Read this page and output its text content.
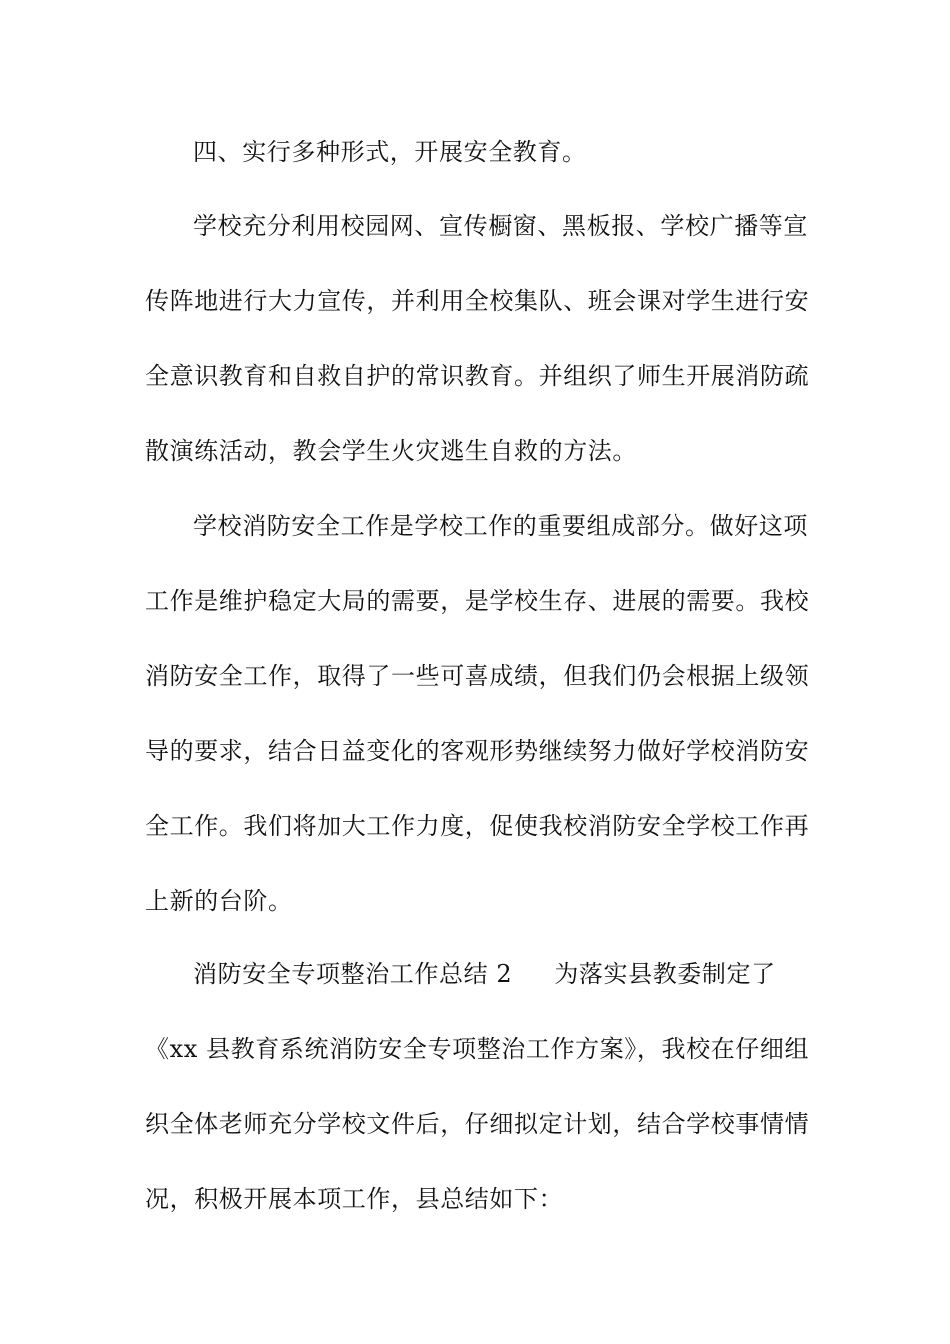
四、实行多种形式，开展安全教育。
学校充分利用校园网、宣传橱窗、黑板报、学校广播等宣
传阵地进行大力宣传，并利用全校集队、班会课对学生进行安
全意识教育和自救自护的常识教育。并组织了师生开展消防疏
散演练活动，教会学生火灾逃生自救的方法。
学校消防安全工作是学校工作的重要组成部分。做好这项
工作是维护稳定大局的需要，是学校生存、进展的需要。我校
消防安全工作，取得了一些可喜成绩，但我们仍会根据上级领
导的要求，结合日益变化的客观形势继续努力做好学校消防安
全工作。我们将加大工作力度，促使我校消防安全学校工作再
上新的台阶。
消防安全专项整治工作总结 2 为落实县教委制定了
《xx 县教育系统消防安全专项整治工作方案》，我校在仔细组
织全体老师充分学校文件后，仔细拟定计划，结合学校事情情
况，积极开展本项工作，县总结如下：
